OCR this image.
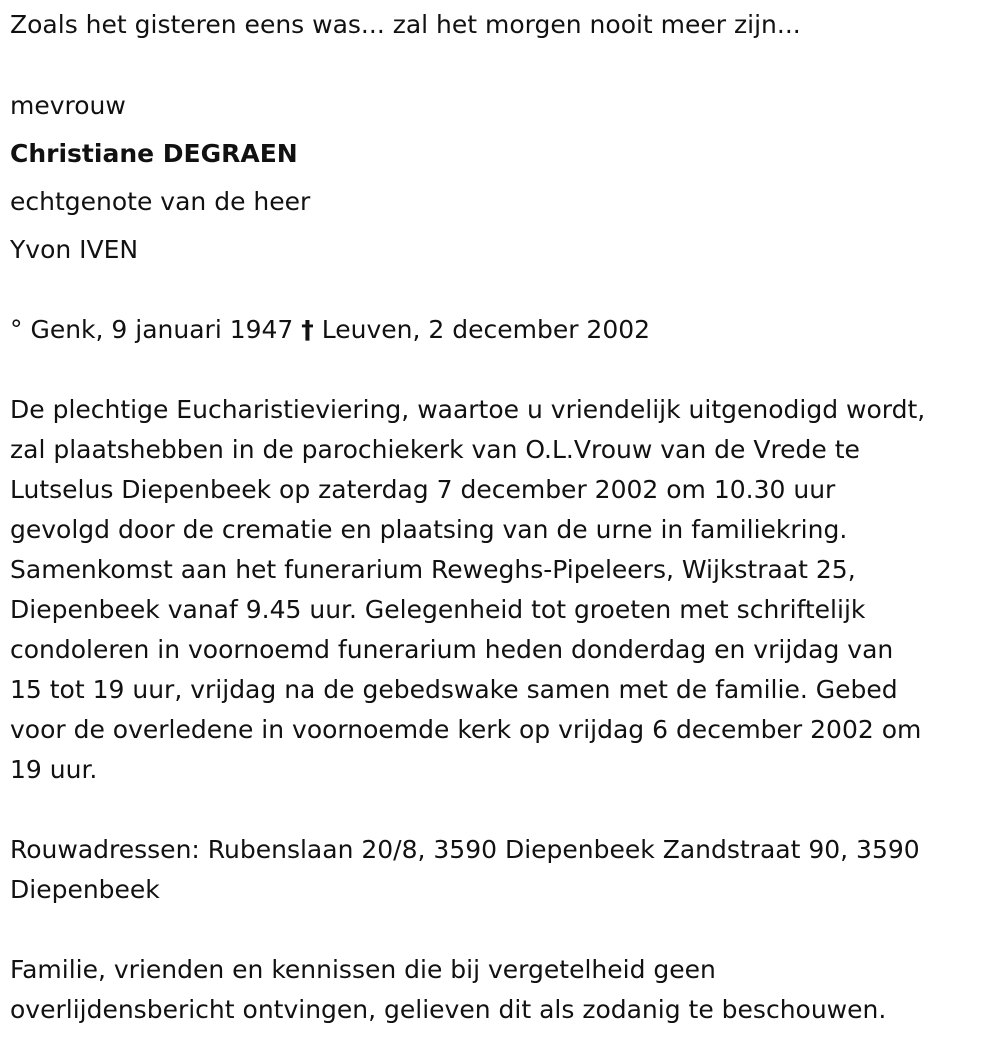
Zoals het gisteren eens was... zal het morgen nooit meer zijn...
mevrouw
Christiane DEGRAEN
echtgenote van de heer
Yvon IVEN
° Genk, 9 januari 1947 † Leuven, 2 december 2002

De plechtige Eucharistieviering, waartoe u vriendelijk uitgenodigd wordt,

zal plaatshebben in de parochiekerk van O.L.Vrouw van de Vrede te

Lutselus Diepenbeek op zaterdag 7 december 2002 om 10.30 uur

gevolgd door de crematie en plaatsing van de urne in familiekring.

Samenkomst aan het funerarium Reweghs-Pipeleers, Wijkstraat 25,

Diepenbeek vanaf 9.45 uur. Gelegenheid tot groeten met schriftelijk

condoleren in voornoemd funerarium heden donderdag en vrijdag van

15 tot 19 uur, vrijdag na de gebedswake samen met de familie. Gebed

voor de overledene in voornoemde kerk op vrijdag 6 december 2002 om

19 uur.

Rouwadressen: Rubenslaan 20/8, 3590 Diepenbeek Zandstraat 90, 3590

Diepenbeek

Familie, vrienden en kennissen die bij vergetelheid geen

overlijdensbericht ontvingen, gelieven dit als zodanig te beschouwen.
